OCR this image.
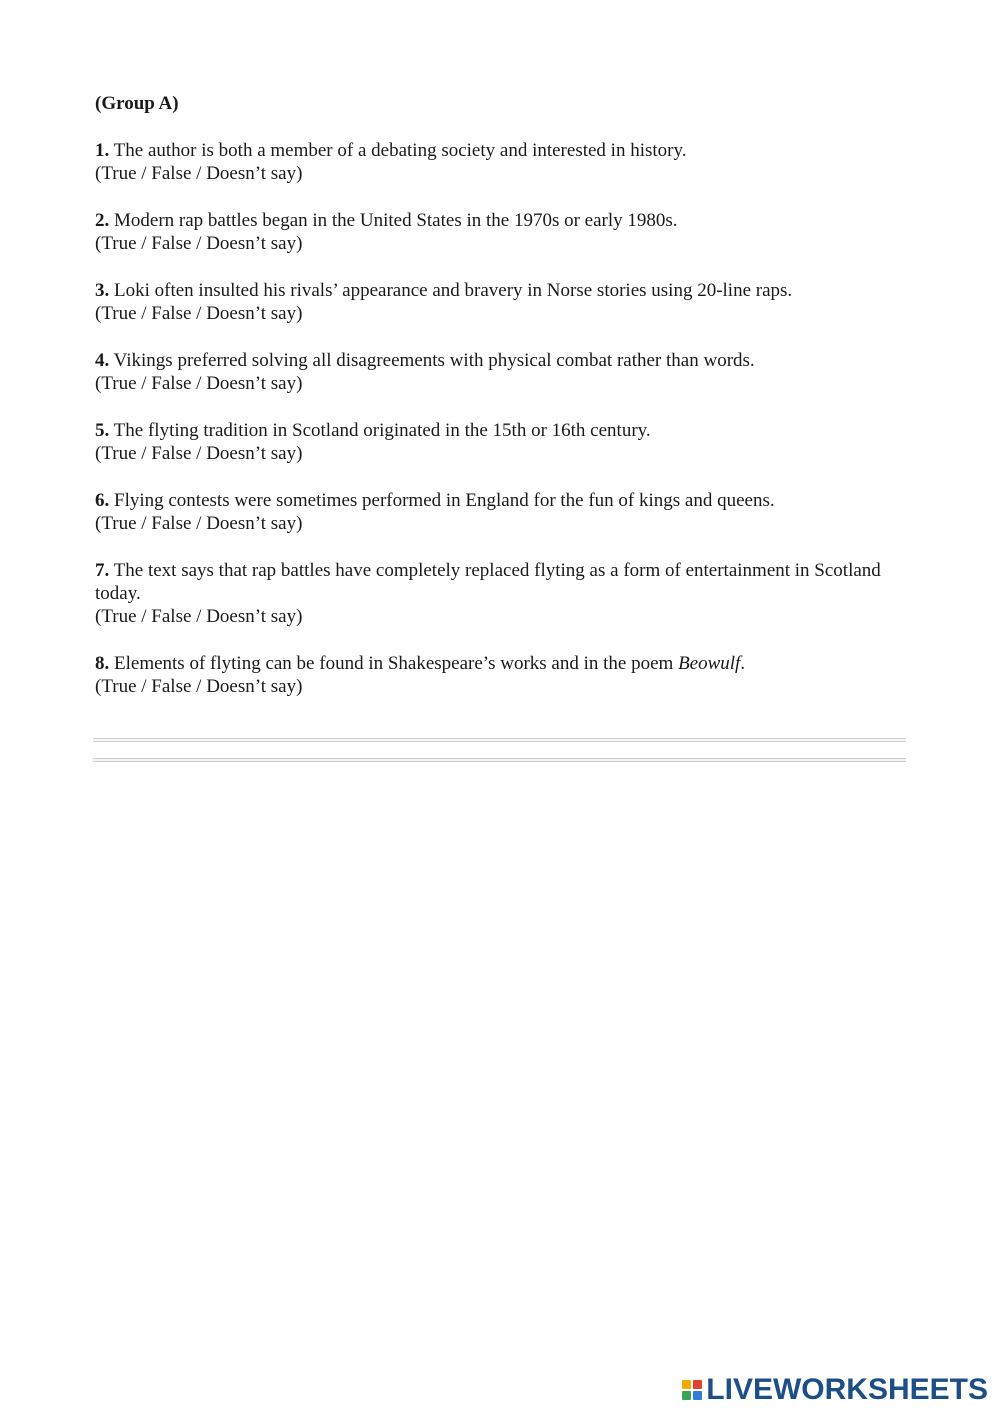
(Group A)

1. The author is both a member of a debating society and interested in history.
(True / False / Doesn’t say)
2. Modern rap battles began in the United States in the 1970s or early 1980s.
(True / False / Doesn’t say)
3. Loki often insulted his rivals’ appearance and bravery in Norse stories using 20-line raps.
(True / False / Doesn’t say)
4. Vikings preferred solving all disagreements with physical combat rather than words.
(True / False / Doesn’t say)
5. The flyting tradition in Scotland originated in the 15th or 16th century.
(True / False / Doesn’t say)
6. Flying contests were sometimes performed in England for the fun of kings and queens.
(True / False / Doesn’t say)
7. The text says that rap battles have completely replaced flyting as a form of entertainment in Scotland today.
(True / False / Doesn’t say)
8. Elements of flyting can be found in Shakespeare’s works and in the poem Beowulf.
(True / False / Doesn’t say)
LIVEWORKSHEETS
